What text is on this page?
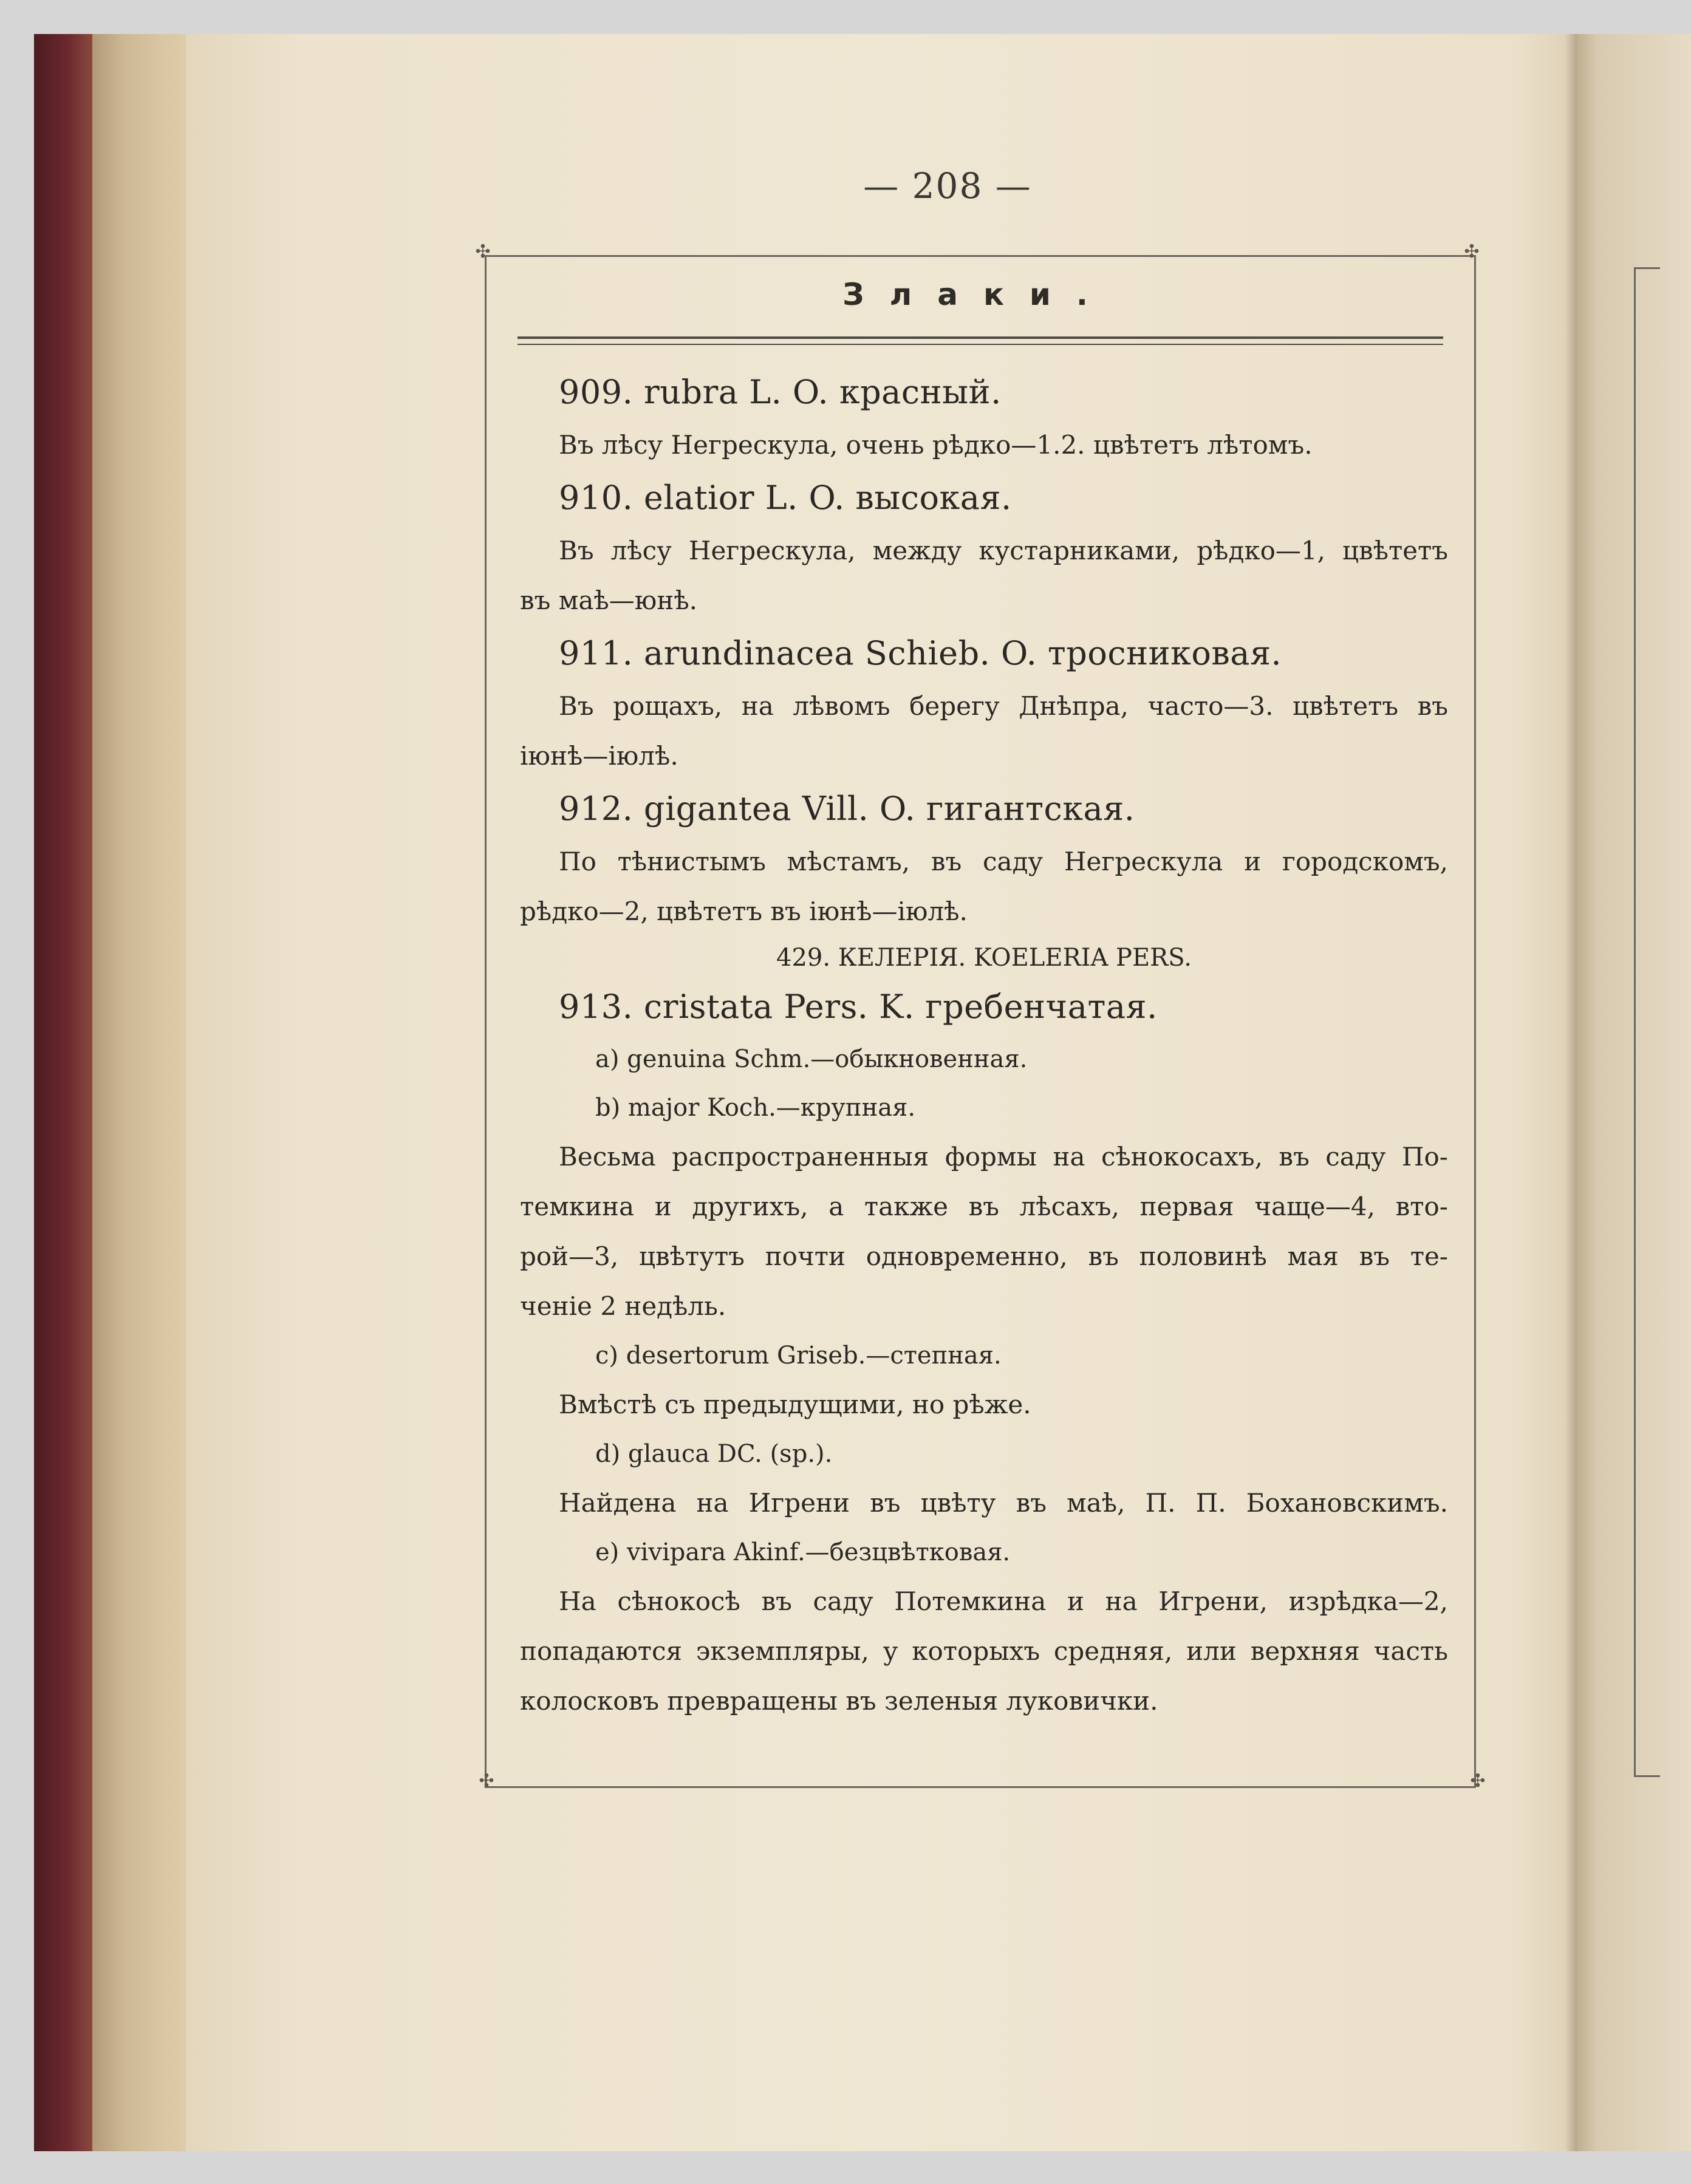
— 208 —
✣	✣
✣	✣
Злаки.
909. rubra L. O. красный.
Въ лѣсу Негрескула, очень рѣдко—1.2. цвѣтетъ лѣтомъ.
910. elatior L. O. высокая.
Въ лѣсу Негрескула, между кустарниками, рѣдко—1, цвѣтетъ
въ маѣ—юнѣ.
911. arundinacea Schieb. O. тросниковая.
Въ рощахъ, на лѣвомъ берегу Днѣпра, часто—3. цвѣтетъ въ
іюнѣ—іюлѣ.
912. gigantea Vill. O. гигантская.
По тѣнистымъ мѣстамъ, въ саду Негрескула и городскомъ,
рѣдко—2, цвѣтетъ въ іюнѣ—іюлѣ.
429. КЕЛЕРІЯ. KOELERIA PERS.
913. cristata Pers. K. гребенчатая.
a) genuina Schm.—обыкновенная.
b) major Koch.—крупная.
Весьма распространенныя формы на сѣнокосахъ, въ саду По-
темкина и другихъ, а также въ лѣсахъ, первая чаще—4, вто-
рой—3, цвѣтутъ почти одновременно, въ половинѣ мая въ те-
ченіе 2 недѣль.
c) desertorum Griseb.—степная.
Вмѣстѣ съ предыдущими, но рѣже.
d) glauca DC. (sp.).
Найдена на Игрени въ цвѣту въ маѣ, П. П. Бохановскимъ.
e) vivipara Akinf.—безцвѣтковая.
На сѣнокосѣ въ саду Потемкина и на Игрени, изрѣдка—2,
попадаются экземпляры, у которыхъ средняя, или верхняя часть
колосковъ превращены въ зеленыя луковички.
